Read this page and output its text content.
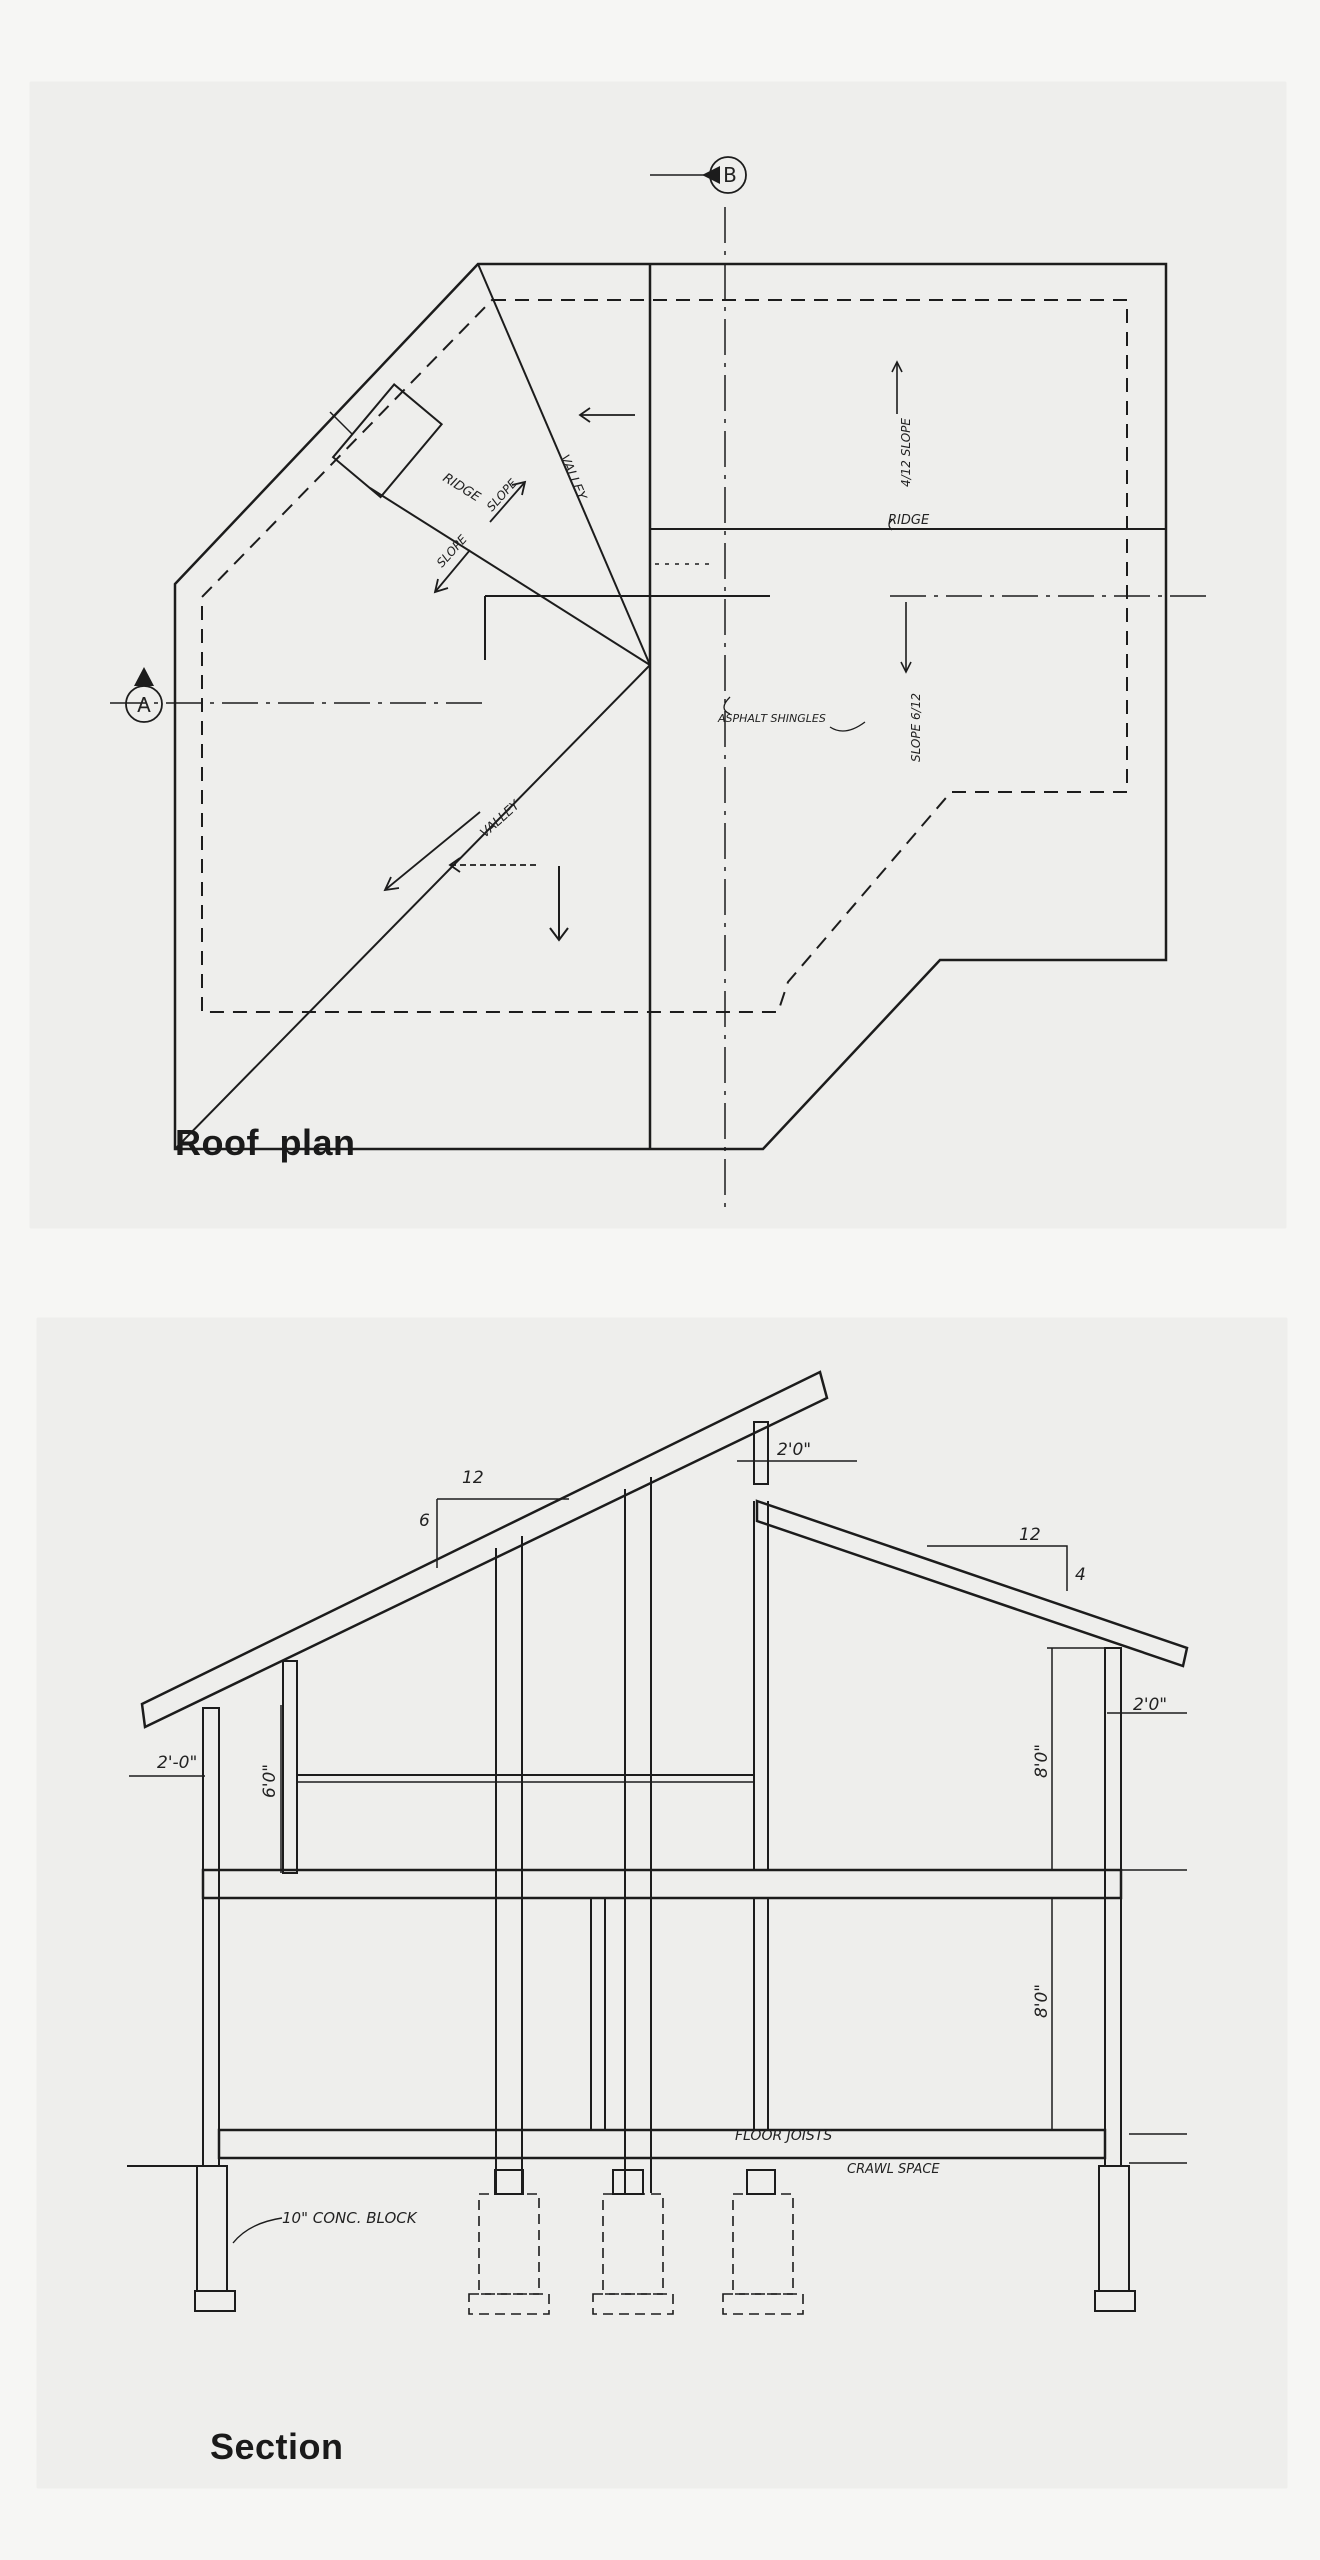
A
B
RIDGE SLOPE
SLOPE
VALLEY
VALLEY
4/12 SLOPE
RIDGE
SLOPE 6/12
ASPHALT SHINGLES
Roof plan
12
6
12
4
2'0"
2'0"
2'-0"
6'0"
8'0"
8'0"
FLOOR JOISTS
CRAWL SPACE
10" CONC. BLOCK
Section
